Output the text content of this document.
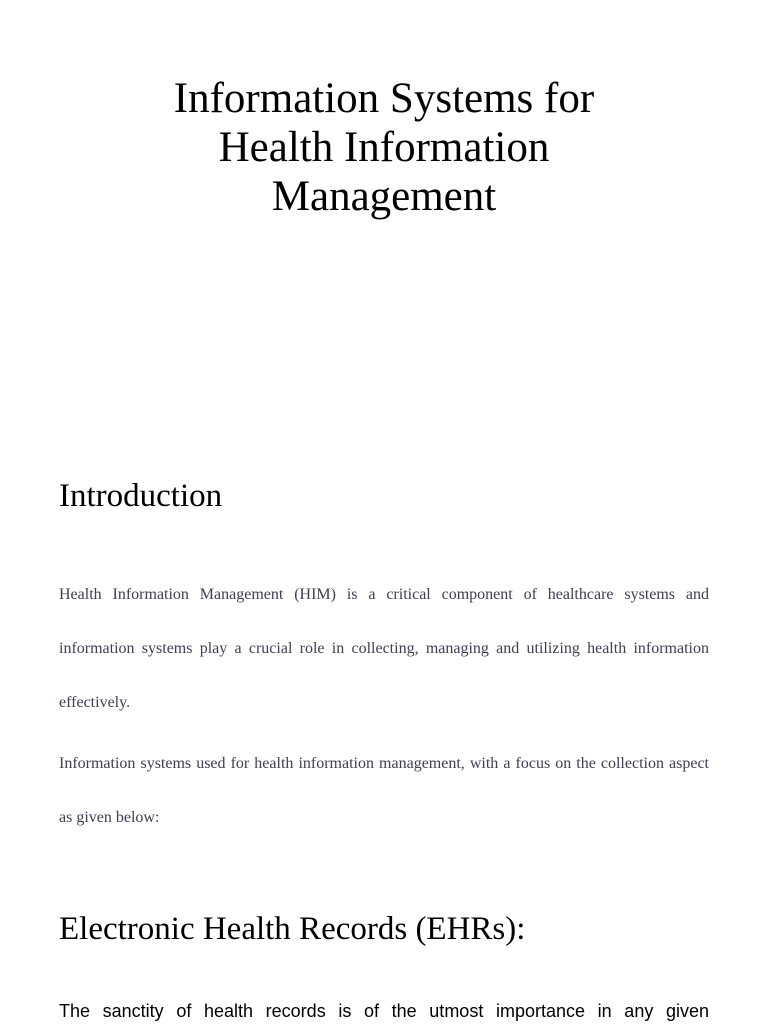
Information Systems for
Health Information
Management
Introduction

Health Information Management (HIM) is a critical component of healthcare systems and information systems play a crucial role in collecting, managing and utilizing health information effectively.

Information systems used for health information management, with a focus on the collection aspect as given below:

Electronic Health Records (EHRs):

The sanctity of health records is of the utmost importance in any given
